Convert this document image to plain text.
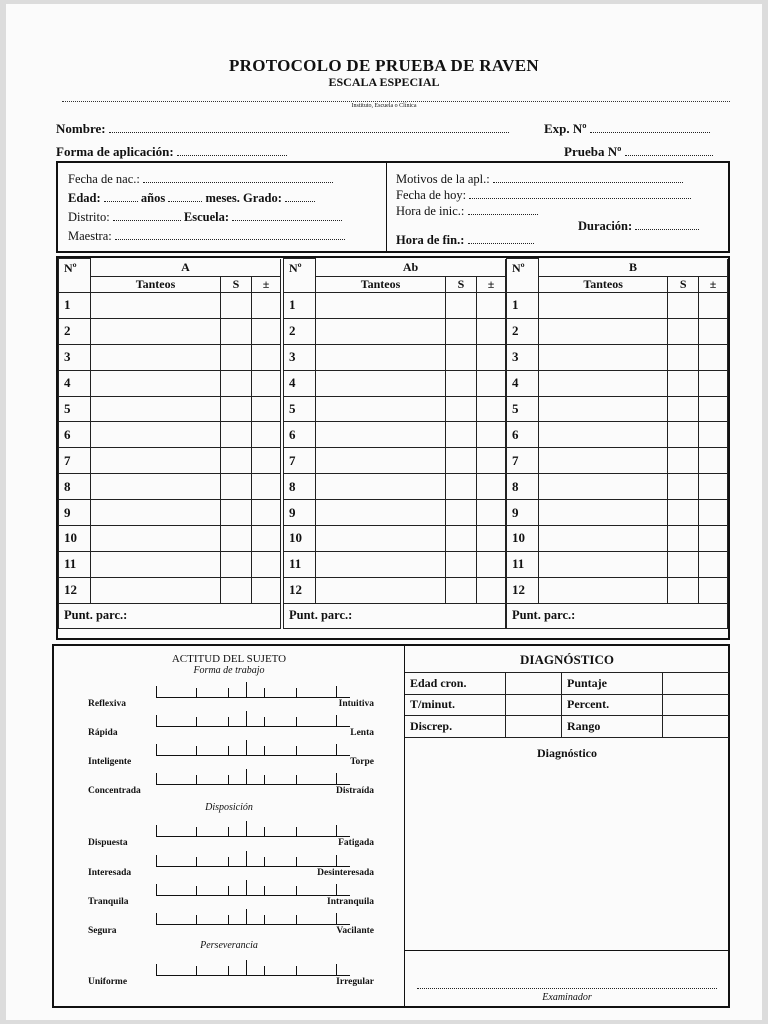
PROTOCOLO DE PRUEBA DE RAVEN
ESCALA ESPECIAL
Instituto, Escuela o Clínica
Nombre:	Exp. Nº
Forma de aplicación:	Prueba Nº
Fecha de nac.:
Edad:	años	meses. Grado:
Distrito:	Escuela:
Maestra:
Motivos de la apl.:
Fecha de hoy:
Hora de inic.:
Duración:
Hora de fin.:
Nº	A		
	Tanteos	S	±
1			
2			
3			
4			
5			
6			
7			
8			
9			
10			
11			
12			
Punt. parc.:			
Nº	Ab		
	Tanteos	S	±
1			
2			
3			
4			
5			
6			
7			
8			
9			
10			
11			
12			
Punt. parc.:			
Nº	B		
	Tanteos	S	±
1			
2			
3			
4			
5			
6			
7			
8			
9			
10			
11			
12			
Punt. parc.:			
ACTITUD DEL SUJETO
Forma de trabajo
Disposición
Perseverancia
Reflexiva	Intuitiva
Rápida	Lenta
Inteligente	Torpe
Concentrada	Distraída
Dispuesta	Fatigada
Interesada	Desinteresada
Tranquila	Intranquila
Segura	Vacilante
Uniforme	Irregular
DIAGNÓSTICO
Edad cron.		Puntaje	
T/minut.		Percent.	
Discrep.		Rango	
Diagnóstico
Examinador
